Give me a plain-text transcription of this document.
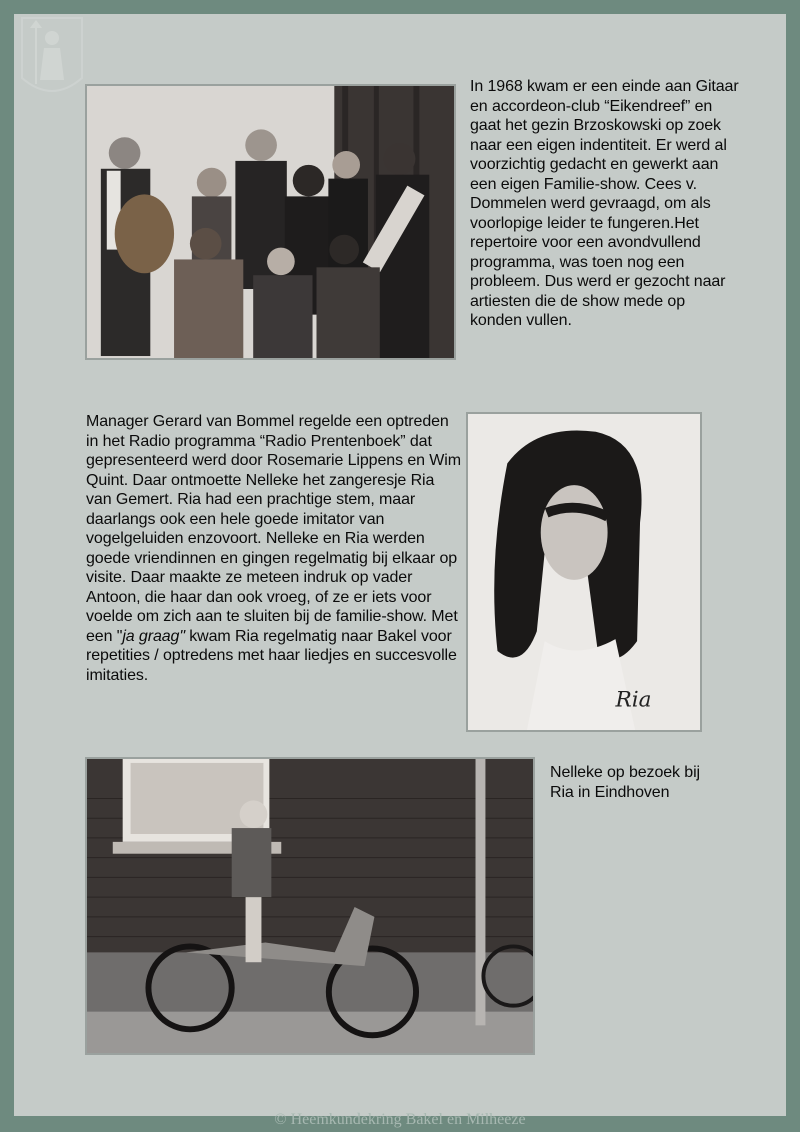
In 1968 kwam er een einde aan Gitaar en accordeon-club “Eikendreef” en gaat het gezin Brzoskowski op zoek naar een eigen indentiteit. Er werd al voorzichtig gedacht en gewerkt aan een eigen Familie-show. Cees v. Dommelen werd gevraagd, om als voorlopige leider te fungeren.Het repertoire voor een avondvullend programma, was toen nog een probleem. Dus werd er gezocht naar artiesten die de show mede op konden vullen.

Manager Gerard van Bommel regelde een optreden in het Radio programma “Radio Prentenboek” dat gepresenteerd werd door Rosemarie Lippens en Wim Quint. Daar ontmoette Nelleke het zangeresje Ria van Gemert. Ria had een prachtige stem, maar daarlangs ook een hele goede imitator van vogelgeluiden enzovoort. Nelleke en Ria werden goede vriendinnen en gingen regelmatig bij elkaar op visite. Daar maakte ze meteen indruk op vader Antoon, die haar dan ook vroeg, of ze er iets voor voelde om zich aan te sluiten bij de familie-show. Met een "ja graag" kwam Ria regelmatig naar Bakel voor repetities / optredens met haar liedjes en succesvolle imitaties.

Ria

Nelleke op bezoek bij Ria in Eindhoven

© Heemkundekring Bakel en Milheeze
